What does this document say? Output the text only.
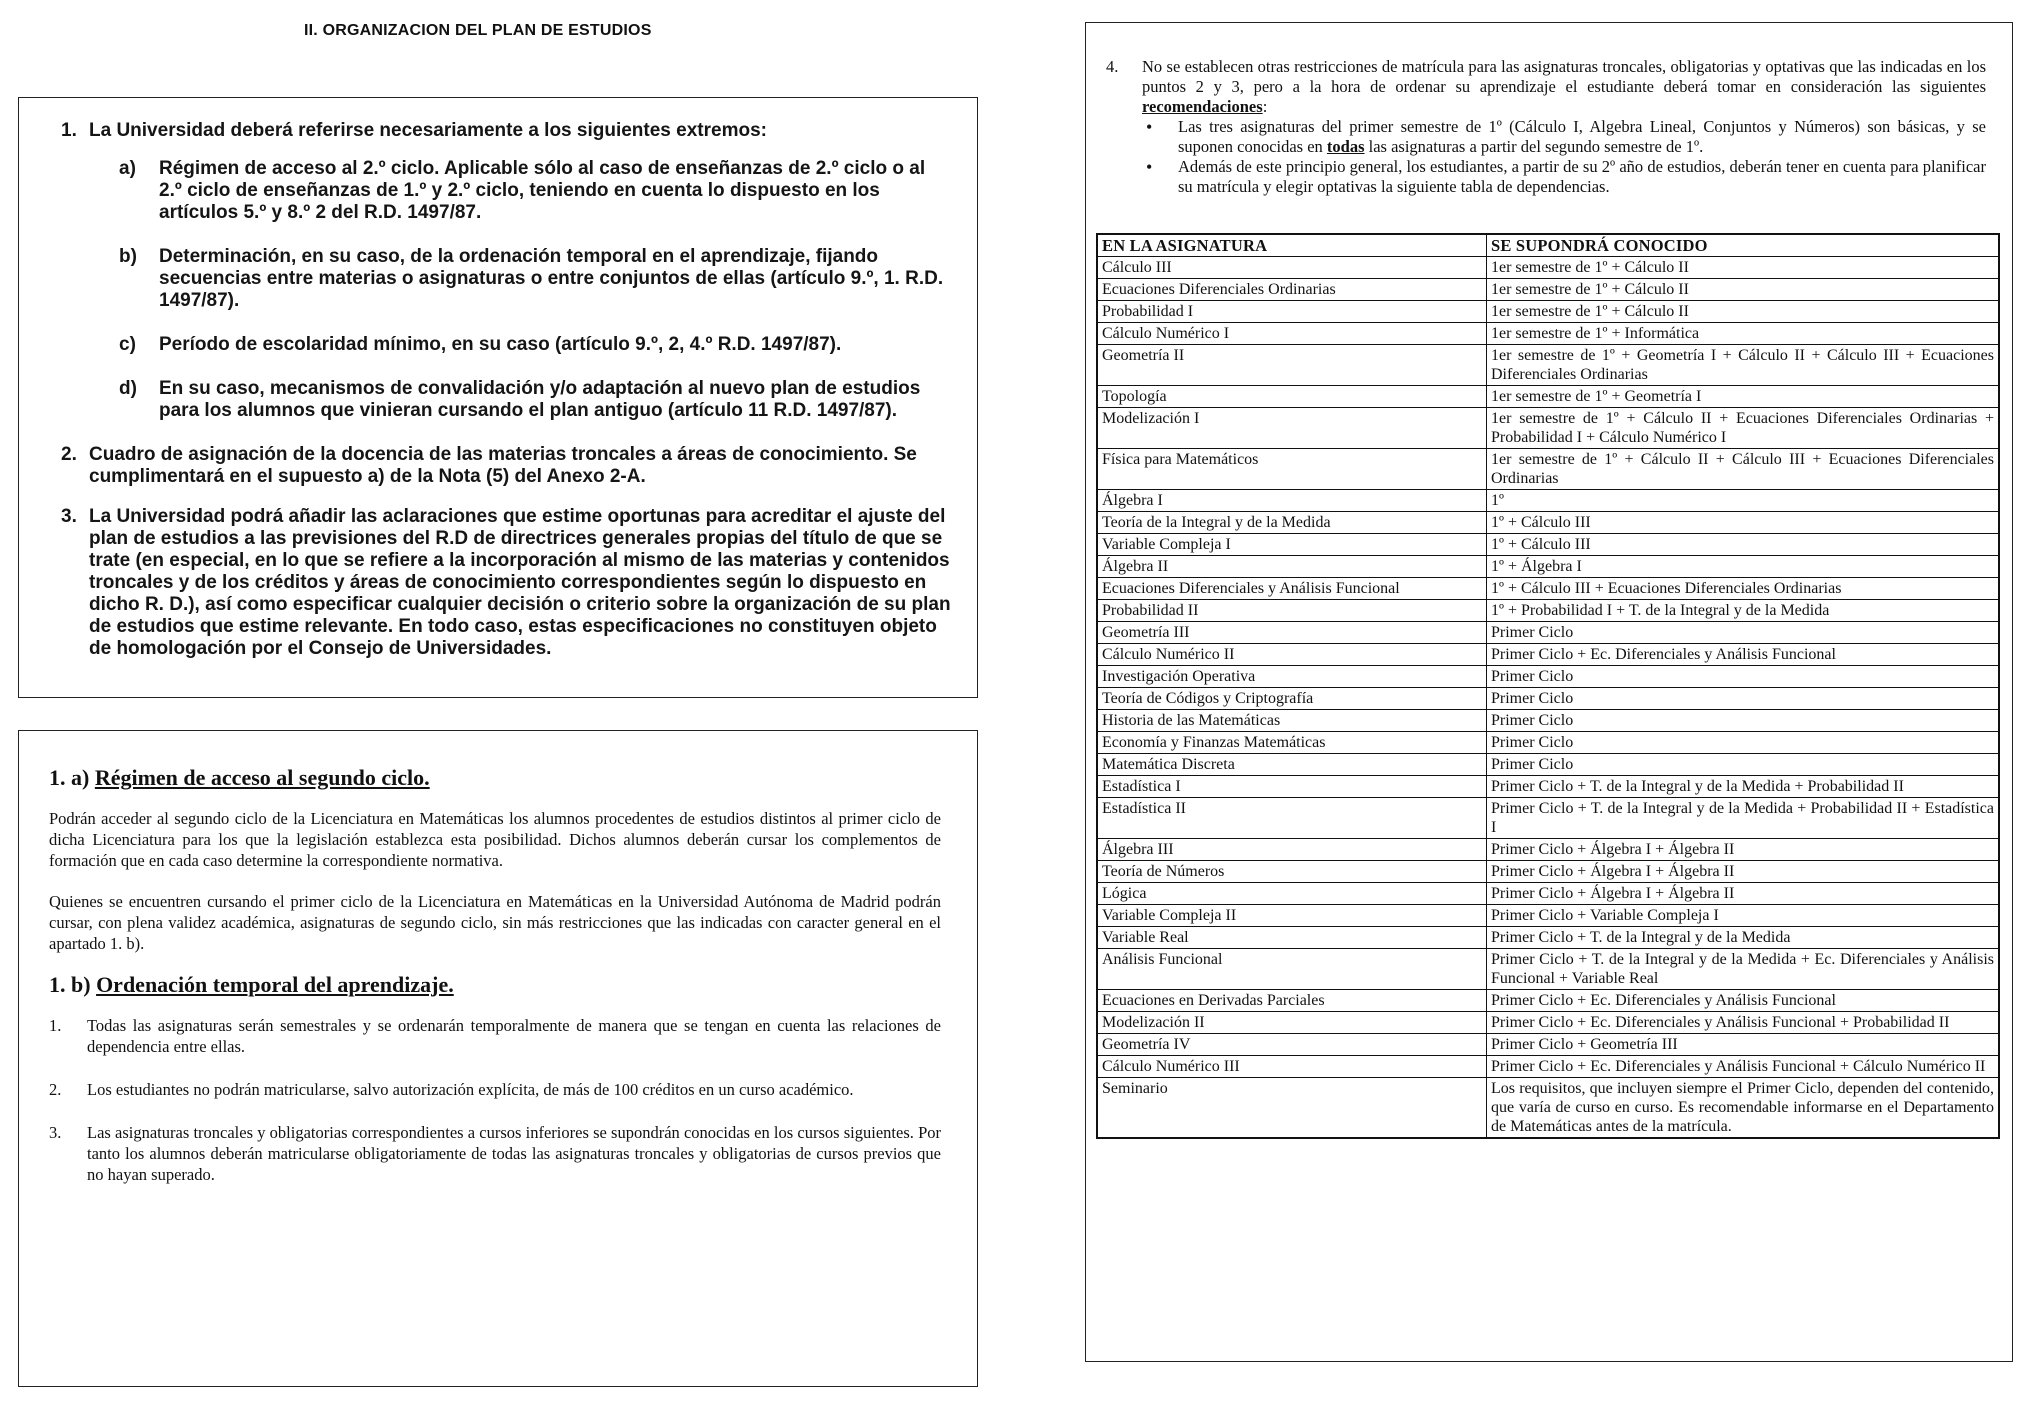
II. ORGANIZACION DEL PLAN DE ESTUDIOS
1. La Universidad deberá referirse necesariamente a los siguientes extremos:
a) Régimen de acceso al 2.º ciclo. Aplicable sólo al caso de enseñanzas de 2.º ciclo o al 2.º ciclo de enseñanzas de 1.º y 2.º ciclo, teniendo en cuenta lo dispuesto en los artículos 5.º y 8.º 2 del R.D. 1497/87.
b) Determinación, en su caso, de la ordenación temporal en el aprendizaje, fijando secuencias entre materias o asignaturas o entre conjuntos de ellas (artículo 9.º, 1. R.D. 1497/87).
c) Período de escolaridad mínimo, en su caso (artículo 9.º, 2, 4.º R.D. 1497/87).
d) En su caso, mecanismos de convalidación y/o adaptación al nuevo plan de estudios para los alumnos que vinieran cursando el plan antiguo (artículo 11 R.D. 1497/87).
2. Cuadro de asignación de la docencia de las materias troncales a áreas de conocimiento. Se cumplimentará en el supuesto a) de la Nota (5) del Anexo 2-A.
3. La Universidad podrá añadir las aclaraciones que estime oportunas para acreditar el ajuste del plan de estudios a las previsiones del R.D de directrices generales propias del título de que se trate (en especial, en lo que se refiere a la incorporación al mismo de las materias y contenidos troncales y de los créditos y áreas de conocimiento correspondientes según lo dispuesto en dicho R. D.), así como especificar cualquier decisión o criterio sobre la organización de su plan de estudios que estime relevante. En todo caso, estas especificaciones no constituyen objeto de homologación por el Consejo de Universidades.
1. a) Régimen de acceso al segundo ciclo.

Podrán acceder al segundo ciclo de la Licenciatura en Matemáticas los alumnos procedentes de estudios distintos al primer ciclo de dicha Licenciatura para los que la legislación establezca esta posibilidad. Dichos alumnos deberán cursar los complementos de formación que en cada caso determine la correspondiente normativa.

Quienes se encuentren cursando el primer ciclo de la Licenciatura en Matemáticas en la Universidad Autónoma de Madrid podrán cursar, con plena validez académica, asignaturas de segundo ciclo, sin más restricciones que las indicadas con caracter general en el apartado 1. b).

1. b) Ordenación temporal del aprendizaje.
1. Todas las asignaturas serán semestrales y se ordenarán temporalmente de manera que se tengan en cuenta las relaciones de dependencia entre ellas.
2. Los estudiantes no podrán matricularse, salvo autorización explícita, de más de 100 créditos en un curso académico.
3. Las asignaturas troncales y obligatorias correspondientes a cursos inferiores se supondrán conocidas en los cursos siguientes. Por tanto los alumnos deberán matricularse obligatoriamente de todas las asignaturas troncales y obligatorias de cursos previos que no hayan superado.
4. No se establecen otras restricciones de matrícula para las asignaturas troncales, obligatorias y optativas que las indicadas en los puntos 2 y 3, pero a la hora de ordenar su aprendizaje el estudiante deberá tomar en consideración las siguientes recomendaciones:
• Las tres asignaturas del primer semestre de 1º (Cálculo I, Algebra Lineal, Conjuntos y Números) son básicas, y se suponen conocidas en todas las asignaturas a partir del segundo semestre de 1º.
• Además de este principio general, los estudiantes, a partir de su 2º año de estudios, deberán tener en cuenta para planificar su matrícula y elegir optativas la siguiente tabla de dependencias.
EN LA ASIGNATURA	SE SUPONDRÁ CONOCIDO
Cálculo III	1er semestre de 1º + Cálculo II
Ecuaciones Diferenciales Ordinarias	1er semestre de 1º + Cálculo II
Probabilidad I	1er semestre de 1º + Cálculo II
Cálculo Numérico I	1er semestre de 1º + Informática
Geometría II	1er semestre de 1º + Geometría I + Cálculo II + Cálculo III + Ecuaciones Diferenciales Ordinarias
Topología	1er semestre de 1º + Geometría I
Modelización I	1er semestre de 1º + Cálculo II + Ecuaciones Diferenciales Ordinarias + Probabilidad I + Cálculo Numérico I
Física para Matemáticos	1er semestre de 1º + Cálculo II + Cálculo III + Ecuaciones Diferenciales Ordinarias
Álgebra I	1º
Teoría de la Integral y de la Medida	1º + Cálculo III
Variable Compleja I	1º + Cálculo III
Álgebra II	1º + Álgebra I
Ecuaciones Diferenciales y Análisis Funcional	1º + Cálculo III + Ecuaciones Diferenciales Ordinarias
Probabilidad II	1º + Probabilidad I + T. de la Integral y de la Medida
Geometría III	Primer Ciclo
Cálculo Numérico II	Primer Ciclo + Ec. Diferenciales y Análisis Funcional
Investigación Operativa	Primer Ciclo
Teoría de Códigos y Criptografía	Primer Ciclo
Historia de las Matemáticas	Primer Ciclo
Economía y Finanzas Matemáticas	Primer Ciclo
Matemática Discreta	Primer Ciclo
Estadística I	Primer Ciclo + T. de la Integral y de la Medida + Probabilidad II
Estadística II	Primer Ciclo + T. de la Integral y de la Medida + Probabilidad II + Estadística I
Álgebra III	Primer Ciclo + Álgebra I + Álgebra II
Teoría de Números	Primer Ciclo + Álgebra I + Álgebra II
Lógica	Primer Ciclo + Álgebra I + Álgebra II
Variable Compleja II	Primer Ciclo + Variable Compleja I
Variable Real	Primer Ciclo + T. de la Integral y de la Medida
Análisis Funcional	Primer Ciclo + T. de la Integral y de la Medida + Ec. Diferenciales y Análisis Funcional + Variable Real
Ecuaciones en Derivadas Parciales	Primer Ciclo + Ec. Diferenciales y Análisis Funcional
Modelización II	Primer Ciclo + Ec. Diferenciales y Análisis Funcional + Probabilidad II
Geometría IV	Primer Ciclo + Geometría III
Cálculo Numérico III	Primer Ciclo + Ec. Diferenciales y Análisis Funcional + Cálculo Numérico II
Seminario	Los requisitos, que incluyen siempre el Primer Ciclo, dependen del contenido, que varía de curso en curso. Es recomendable informarse en el Departamento de Matemáticas antes de la matrícula.
